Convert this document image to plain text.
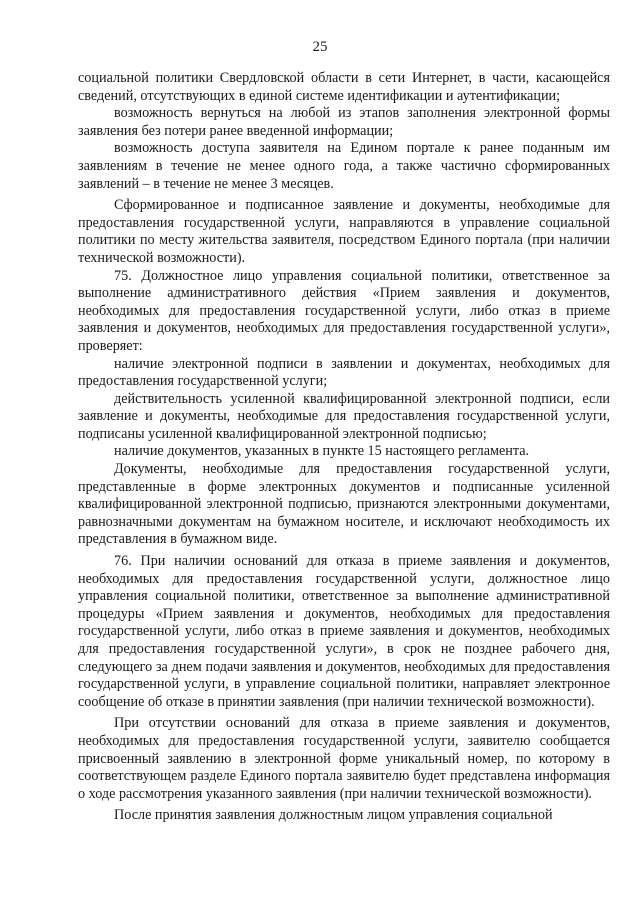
25

социальной политики Свердловской области в сети Интернет, в части, касающейся сведений, отсутствующих в единой системе идентификации и аутентификации;

возможность вернуться на любой из этапов заполнения электронной формы заявления без потери ранее введенной информации;

возможность доступа заявителя на Едином портале к ранее поданным им заявлениям в течение не менее одного года, а также частично сформированных заявлений – в течение не менее 3 месяцев.

Сформированное и подписанное заявление и документы, необходимые для предоставления государственной услуги, направляются в управление социальной политики по месту жительства заявителя, посредством Единого портала (при наличии технической возможности).

75. Должностное лицо управления социальной политики, ответственное за выполнение административного действия «Прием заявления и документов, необходимых для предоставления государственной услуги, либо отказ в приеме заявления и документов, необходимых для предоставления государственной услуги», проверяет:

наличие электронной подписи в заявлении и документах, необходимых для предоставления государственной услуги;

действительность усиленной квалифицированной электронной подписи, если заявление и документы, необходимые для предоставления государственной услуги, подписаны усиленной квалифицированной электронной подписью;

наличие документов, указанных в пункте 15 настоящего регламента.

Документы, необходимые для предоставления государственной услуги, представленные в форме электронных документов и подписанные усиленной квалифицированной электронной подписью, признаются электронными документами, равнозначными документам на бумажном носителе, и исключают необходимость их представления в бумажном виде.

76. При наличии оснований для отказа в приеме заявления и документов, необходимых для предоставления государственной услуги, должностное лицо управления социальной политики, ответственное за выполнение административной процедуры «Прием заявления и документов, необходимых для предоставления государственной услуги, либо отказ в приеме заявления и документов, необходимых для предоставления государственной услуги», в срок не позднее рабочего дня, следующего за днем подачи заявления и документов, необходимых для предоставления государственной услуги, в управление социальной политики, направляет электронное сообщение об отказе в принятии заявления (при наличии технической возможности).

При отсутствии оснований для отказа в приеме заявления и документов, необходимых для предоставления государственной услуги, заявителю сообщается присвоенный заявлению в электронной форме уникальный номер, по которому в соответствующем разделе Единого портала заявителю будет представлена информация о ходе рассмотрения указанного заявления (при наличии технической возможности).

После принятия заявления должностным лицом управления социальной
